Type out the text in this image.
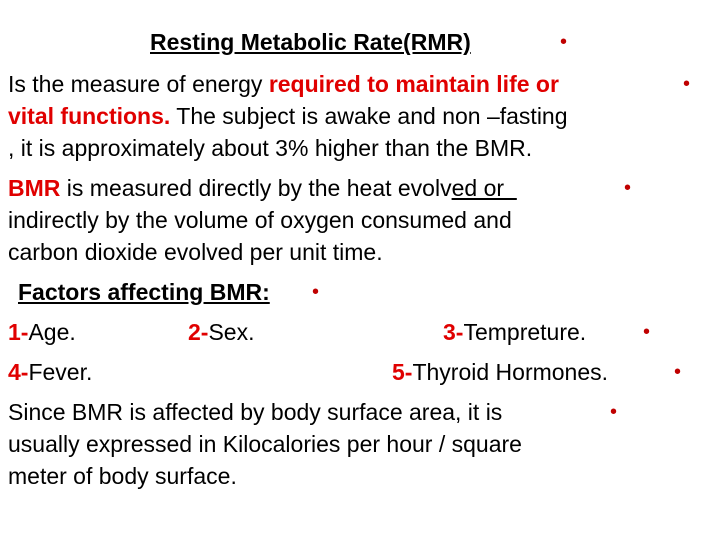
Resting Metabolic Rate(RMR)	•
Is the measure of energy required to maintain life or	•
vital functions. The subject is awake and non –fasting
, it is approximately about 3% higher than the BMR.
BMR is measured directly by the heat evolved or	•
indirectly by the volume of oxygen consumed and
carbon dioxide evolved per unit time.
Factors affecting BMR: •
1-Age.	2-Sex.	3-Tempreture.	•
4-Fever.	5-Thyroid Hormones.	•
Since BMR is affected by body surface area, it is	•
usually expressed in Kilocalories per hour / square
meter of body surface.
